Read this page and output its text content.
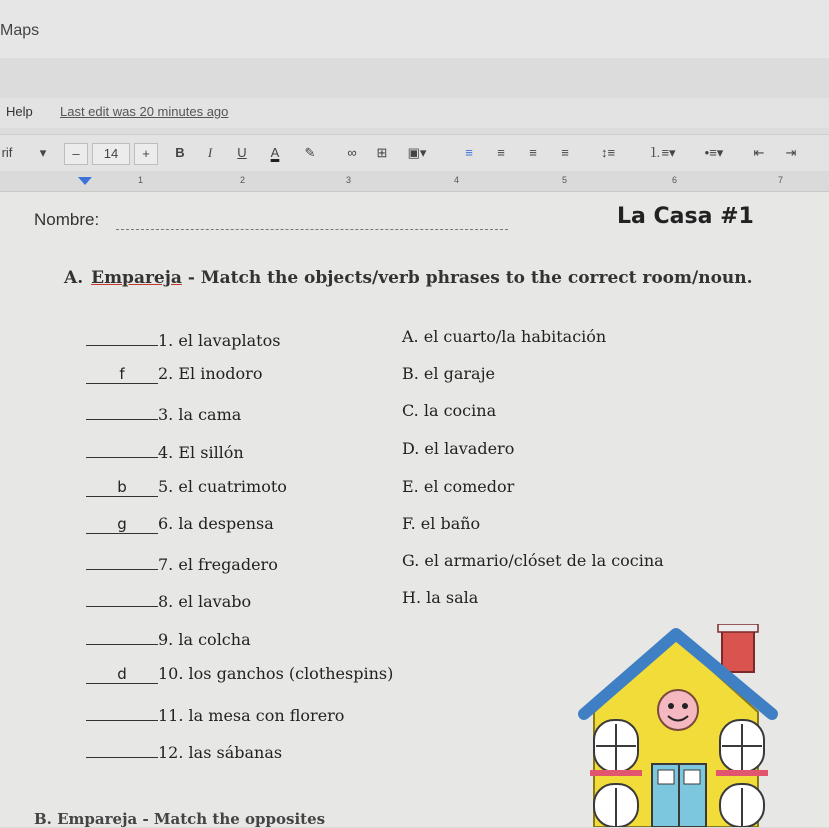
Maps
Help Last edit was 20 minutes ago
rif ▾	–	14	+	B	I	U	A	✎	∞	⊞	▣▾	≡	≡	≡	≡	↕≡	⒈≡▾	•≡▾	⇤	⇥
1	2	3	4	5	6	7
Nombre:	La Casa #1
A. Empareja - Match the objects/verb phrases to the correct room/noun.
1. el lavaplatos
f 2. El inodoro
3. la cama
4. El sillón
b 5. el cuatrimoto
g 6. la despensa
7. el fregadero
8. el lavabo
9. la colcha
d 10. los ganchos (clothespins)
11. la mesa con florero
12. las sábanas
A. el cuarto/la habitación
B. el garaje
C. la cocina
D. el lavadero
E. el comedor
F. el baño
G. el armario/clóset de la cocina
H. la sala
B. Empareja - Match the opposites
